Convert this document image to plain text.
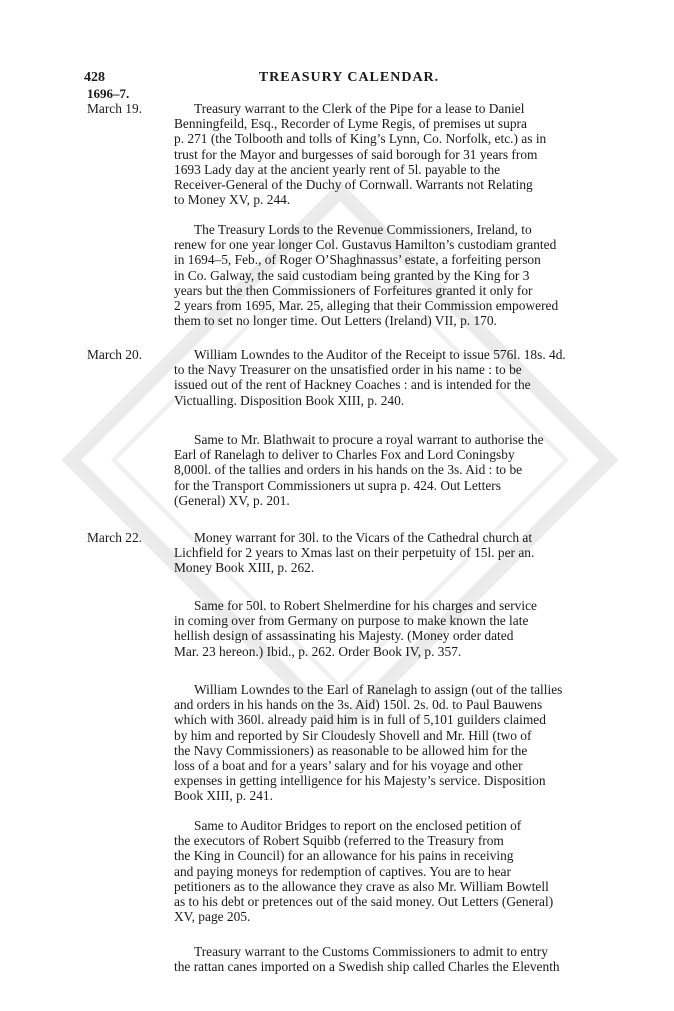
428	TREASURY CALENDAR.
1696–7.
March 19.	Treasury warrant to the Clerk of the Pipe for a lease to Daniel
Benningfeild, Esq., Recorder of Lyme Regis, of premises ut supra
p. 271 (the Tolbooth and tolls of King’s Lynn, Co. Norfolk, etc.) as in
trust for the Mayor and burgesses of said borough for 31 years from
1693 Lady day at the ancient yearly rent of 5l. payable to the
Receiver-General of the Duchy of Cornwall. Warrants not Relating
to Money XV, p. 244.
The Treasury Lords to the Revenue Commissioners, Ireland, to
renew for one year longer Col. Gustavus Hamilton’s custodiam granted
in 1694–5, Feb., of Roger O’Shaghnassus’ estate, a forfeiting person
in Co. Galway, the said custodiam being granted by the King for 3
years but the then Commissioners of Forfeitures granted it only for
2 years from 1695, Mar. 25, alleging that their Commission empowered
them to set no longer time. Out Letters (Ireland) VII, p. 170.
March 20.	William Lowndes to the Auditor of the Receipt to issue 576l. 18s. 4d.
to the Navy Treasurer on the unsatisfied order in his name : to be
issued out of the rent of Hackney Coaches : and is intended for the
Victualling. Disposition Book XIII, p. 240.
Same to Mr. Blathwait to procure a royal warrant to authorise the
Earl of Ranelagh to deliver to Charles Fox and Lord Coningsby
8,000l. of the tallies and orders in his hands on the 3s. Aid : to be
for the Transport Commissioners ut supra p. 424. Out Letters
(General) XV, p. 201.
March 22.	Money warrant for 30l. to the Vicars of the Cathedral church at
Lichfield for 2 years to Xmas last on their perpetuity of 15l. per an.
Money Book XIII, p. 262.
Same for 50l. to Robert Shelmerdine for his charges and service
in coming over from Germany on purpose to make known the late
hellish design of assassinating his Majesty. (Money order dated
Mar. 23 hereon.) Ibid., p. 262. Order Book IV, p. 357.
William Lowndes to the Earl of Ranelagh to assign (out of the tallies
and orders in his hands on the 3s. Aid) 150l. 2s. 0d. to Paul Bauwens
which with 360l. already paid him is in full of 5,101 guilders claimed
by him and reported by Sir Cloudesly Shovell and Mr. Hill (two of
the Navy Commissioners) as reasonable to be allowed him for the
loss of a boat and for a years’ salary and for his voyage and other
expenses in getting intelligence for his Majesty’s service. Disposition
Book XIII, p. 241.
Same to Auditor Bridges to report on the enclosed petition of
the executors of Robert Squibb (referred to the Treasury from
the King in Council) for an allowance for his pains in receiving
and paying moneys for redemption of captives. You are to hear
petitioners as to the allowance they crave as also Mr. William Bowtell
as to his debt or pretences out of the said money. Out Letters (General)
XV, page 205.
Treasury warrant to the Customs Commissioners to admit to entry
the rattan canes imported on a Swedish ship called Charles the Eleventh
